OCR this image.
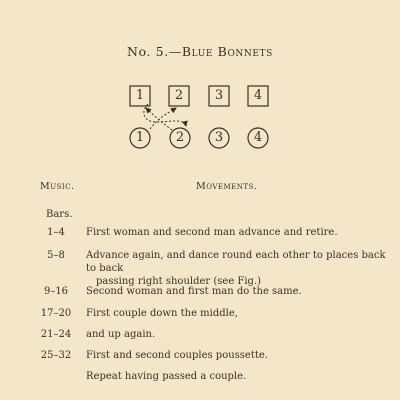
No. 5.—Blue Bonnets
1	2	3	4
1	2	3	4
Music.	Movements.
Bars.
1–4	First woman and second man advance and retire.
5–8	Advance again, and dance round each other to places back to back
passing right shoulder (see Fig.)
9–16	Second woman and first man do the same.
17–20 First couple down the middle,
21–24 and up again.
25–32 First and second couples poussette.
Repeat having passed a couple.
